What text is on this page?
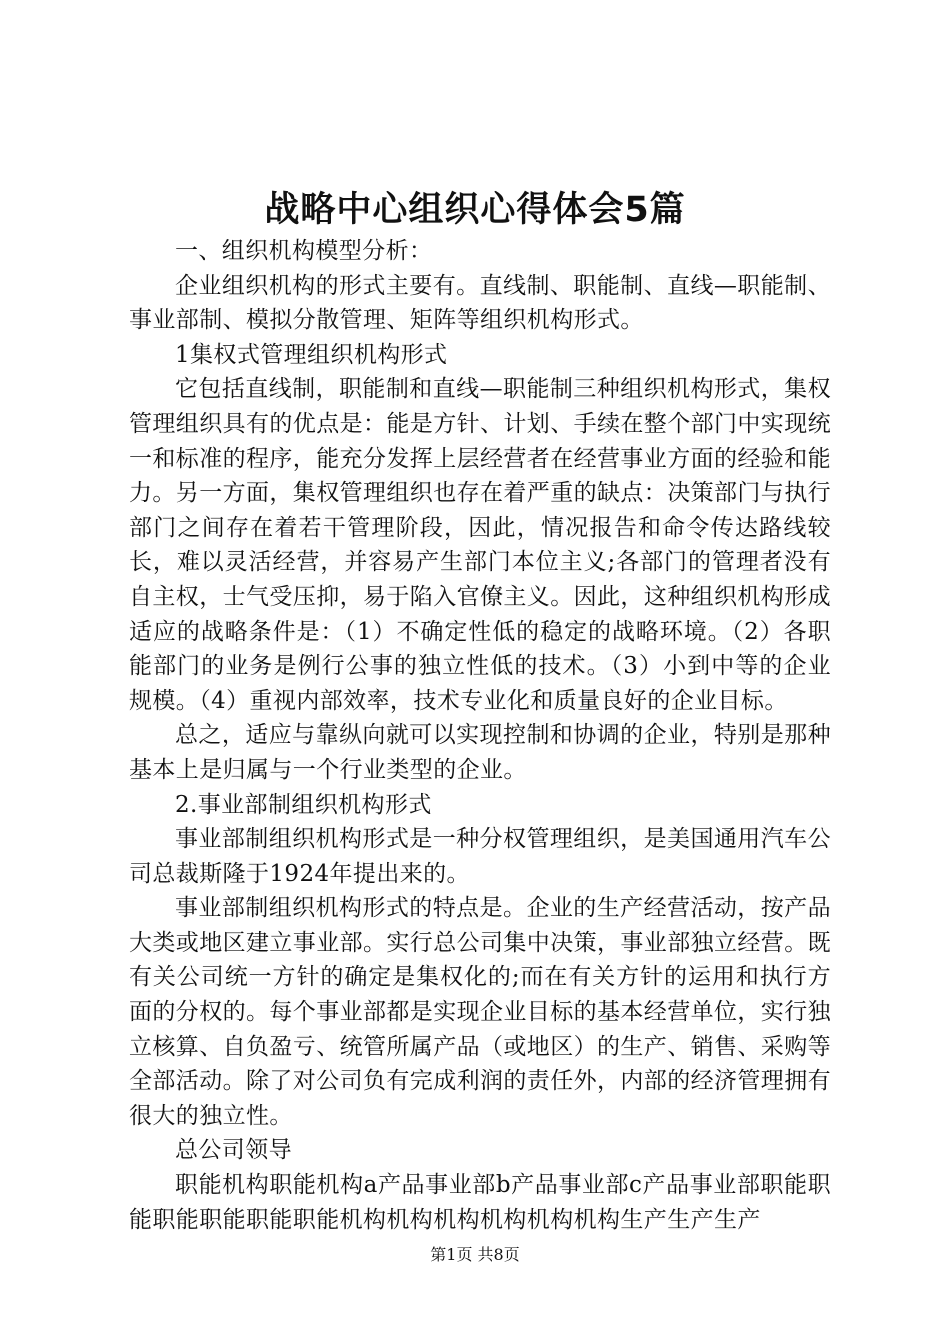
战略中心组织心得体会5篇

一、组织机构模型分析：

企业组织机构的形式主要有。直线制、职能制、直线—职能制、事业部制、模拟分散管理、矩阵等组织机构形式。

1集权式管理组织机构形式

它包括直线制，职能制和直线—职能制三种组织机构形式，集权管理组织具有的优点是：能是方针、计划、手续在整个部门中实现统一和标准的程序，能充分发挥上层经营者在经营事业方面的经验和能力。另一方面，集权管理组织也存在着严重的缺点：决策部门与执行部门之间存在着若干管理阶段，因此，情况报告和命令传达路线较长，难以灵活经营，并容易产生部门本位主义;各部门的管理者没有自主权，士气受压抑，易于陷入官僚主义。因此，这种组织机构形成适应的战略条件是：（1）不确定性低的稳定的战略环境。（2）各职能部门的业务是例行公事的独立性低的技术。（3）小到中等的企业规模。（4）重视内部效率，技术专业化和质量良好的企业目标。

总之，适应与靠纵向就可以实现控制和协调的企业，特别是那种基本上是归属与一个行业类型的企业。

2.事业部制组织机构形式

事业部制组织机构形式是一种分权管理组织，是美国通用汽车公司总裁斯隆于1924年提出来的。

事业部制组织机构形式的特点是。企业的生产经营活动，按产品大类或地区建立事业部。实行总公司集中决策，事业部独立经营。既有关公司统一方针的确定是集权化的;而在有关方针的运用和执行方面的分权的。每个事业部都是实现企业目标的基本经营单位，实行独立核算、自负盈亏、统管所属产品（或地区）的生产、销售、采购等全部活动。除了对公司负有完成利润的责任外，内部的经济管理拥有很大的独立性。

总公司领导

职能机构职能机构a产品事业部b产品事业部c产品事业部职能职能职能职能职能职能机构机构机构机构机构机构生产生产生产

第1页 共8页
